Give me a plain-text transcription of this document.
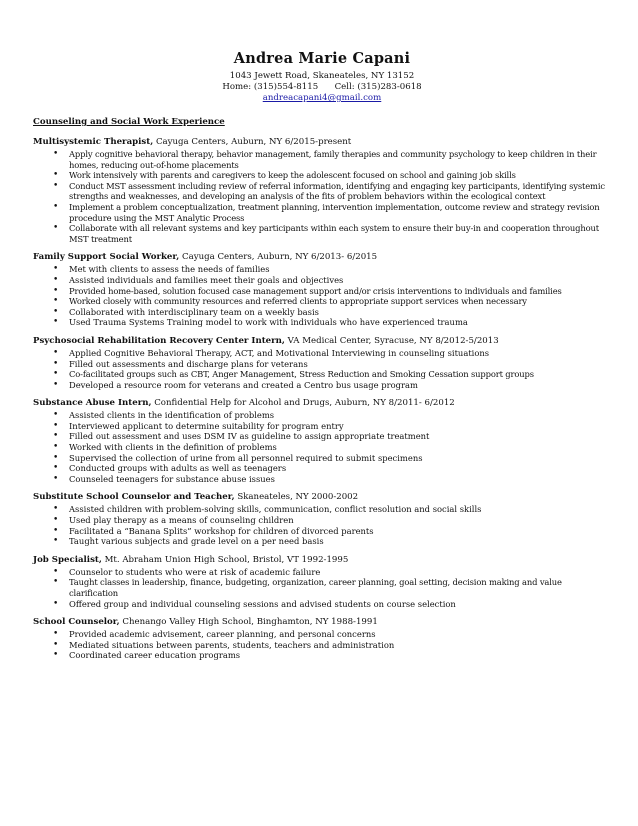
Andrea Marie Capani
1043 Jewett Road, Skaneateles, NY 13152
Home: (315)554-8115      Cell: (315)283-0618
andreacapani4@gmail.com
Counseling and Social Work Experience
Multisystemic Therapist, Cayuga Centers, Auburn, NY 6/2015-present
• Apply cognitive behavioral therapy, behavior management, family therapies and community psychology to keep children in their homes, reducing out-of-home placements
• Work intensively with parents and caregivers to keep the adolescent focused on school and gaining job skills
• Conduct MST assessment including review of referral information, identifying and engaging key participants, identifying systemic strengths and weaknesses, and developing an analysis of the fits of problem behaviors within the ecological context
• Implement a problem conceptualization, treatment planning, intervention implementation, outcome review and strategy revision procedure using the MST Analytic Process
• Collaborate with all relevant systems and key participants within each system to ensure their buy-in and cooperation throughout MST treatment
Family Support Social Worker, Cayuga Centers, Auburn, NY 6/2013- 6/2015
• Met with clients to assess the needs of families
• Assisted individuals and families meet their goals and objectives
• Provided home-based, solution focused case management support and/or crisis interventions to individuals and families
• Worked closely with community resources and referred clients to appropriate support services when necessary
• Collaborated with interdisciplinary team on a weekly basis
• Used Trauma Systems Training model to work with individuals who have experienced trauma
Psychosocial Rehabilitation Recovery Center Intern, VA Medical Center, Syracuse, NY 8/2012-5/2013
• Applied Cognitive Behavioral Therapy, ACT, and Motivational Interviewing in counseling situations
• Filled out assessments and discharge plans for veterans
• Co-facilitated groups such as CBT, Anger Management, Stress Reduction and Smoking Cessation support groups
• Developed a resource room for veterans and created a Centro bus usage program
Substance Abuse Intern, Confidential Help for Alcohol and Drugs, Auburn, NY 8/2011- 6/2012
• Assisted clients in the identification of problems
• Interviewed applicant to determine suitability for program entry
• Filled out assessment and uses DSM IV as guideline to assign appropriate treatment
• Worked with clients in the definition of problems
• Supervised the collection of urine from all personnel required to submit specimens
• Conducted groups with adults as well as teenagers
• Counseled teenagers for substance abuse issues
Substitute School Counselor and Teacher, Skaneateles, NY 2000-2002
• Assisted children with problem-solving skills, communication, conflict resolution and social skills
• Used play therapy as a means of counseling children
• Facilitated a “Banana Splits” workshop for children of divorced parents
• Taught various subjects and grade level on a per need basis
Job Specialist, Mt. Abraham Union High School, Bristol, VT 1992-1995
• Counselor to students who were at risk of academic failure
• Taught classes in leadership, finance, budgeting, organization, career planning, goal setting, decision making and value clarification
• Offered group and individual counseling sessions and advised students on course selection
School Counselor, Chenango Valley High School, Binghamton, NY 1988-1991
• Provided academic advisement, career planning, and personal concerns
• Mediated situations between parents, students, teachers and administration
• Coordinated career education programs
